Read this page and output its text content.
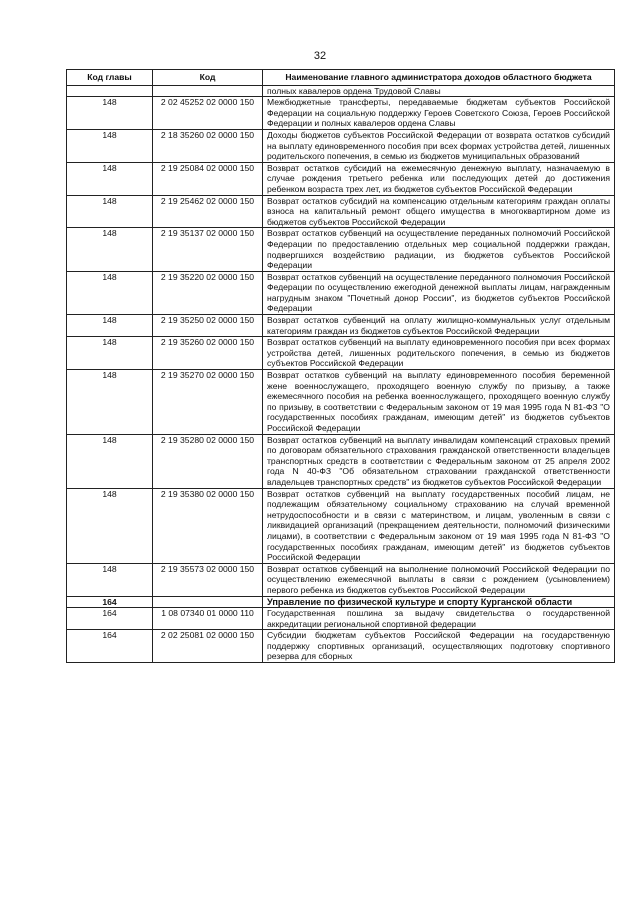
32
Код главы	Код	Наименование главного администратора доходов областного бюджета
		полных кавалеров ордена Трудовой Славы
148	2 02 45252 02 0000 150	Межбюджетные трансферты, передаваемые бюджетам субъектов Российской Федерации на социальную поддержку Героев Советского Союза, Героев Российской Федерации и полных кавалеров ордена Славы
148	2 18 35260 02 0000 150	Доходы бюджетов субъектов Российской Федерации от возврата остатков субсидий на выплату единовременного пособия при всех формах устройства детей, лишенных родительского попечения, в семью из бюджетов муниципальных образований
148	2 19 25084 02 0000 150	Возврат остатков субсидий на ежемесячную денежную выплату, назначаемую в случае рождения третьего ребенка или последующих детей до достижения ребенком возраста трех лет, из бюджетов субъектов Российской Федерации
148	2 19 25462 02 0000 150	Возврат остатков субсидий на компенсацию отдельным категориям граждан оплаты взноса на капитальный ремонт общего имущества в многоквартирном доме из бюджетов субъектов Российской Федерации
148	2 19 35137 02 0000 150	Возврат остатков субвенций на осуществление переданных полномочий Российской Федерации по предоставлению отдельных мер социальной поддержки граждан, подвергшихся воздействию радиации, из бюджетов субъектов Российской Федерации
148	2 19 35220 02 0000 150	Возврат остатков субвенций на осуществление переданного полномочия Российской Федерации по осуществлению ежегодной денежной выплаты лицам, награжденным нагрудным знаком "Почетный донор России", из бюджетов субъектов Российской Федерации
148	2 19 35250 02 0000 150	Возврат остатков субвенций на оплату жилищно-коммунальных услуг отдельным категориям граждан из бюджетов субъектов Российской Федерации
148	2 19 35260 02 0000 150	Возврат остатков субвенций на выплату единовременного пособия при всех формах устройства детей, лишенных родительского попечения, в семью из бюджетов субъектов Российской Федерации
148	2 19 35270 02 0000 150	Возврат остатков субвенций на выплату единовременного пособия беременной жене военнослужащего, проходящего военную службу по призыву, а также ежемесячного пособия на ребенка военнослужащего, проходящего военную службу по призыву, в соответствии с Федеральным законом от 19 мая 1995 года N 81-ФЗ "О государственных пособиях гражданам, имеющим детей" из бюджетов субъектов Российской Федерации
148	2 19 35280 02 0000 150	Возврат остатков субвенций на выплату инвалидам компенсаций страховых премий по договорам обязательного страхования гражданской ответственности владельцев транспортных средств в соответствии с Федеральным законом от 25 апреля 2002 года N 40-ФЗ "Об обязательном страховании гражданской ответственности владельцев транспортных средств" из бюджетов субъектов Российской Федерации
148	2 19 35380 02 0000 150	Возврат остатков субвенций на выплату государственных пособий лицам, не подлежащим обязательному социальному страхованию на случай временной нетрудоспособности и в связи с материнством, и лицам, уволенным в связи с ликвидацией организаций (прекращением деятельности, полномочий физическими лицами), в соответствии с Федеральным законом от 19 мая 1995 года N 81-ФЗ "О государственных пособиях гражданам, имеющим детей" из бюджетов субъектов Российской Федерации
148	2 19 35573 02 0000 150	Возврат остатков субвенций на выполнение полномочий Российской Федерации по осуществлению ежемесячной выплаты в связи с рождением (усыновлением) первого ребенка из бюджетов субъектов Российской Федерации
164		Управление по физической культуре и спорту Курганской области
164	1 08 07340 01 0000 110	Государственная пошлина за выдачу свидетельства о государственной аккредитации региональной спортивной федерации
164	2 02 25081 02 0000 150	Субсидии бюджетам субъектов Российской Федерации на государственную поддержку спортивных организаций, осуществляющих подготовку спортивного резерва для сборных
